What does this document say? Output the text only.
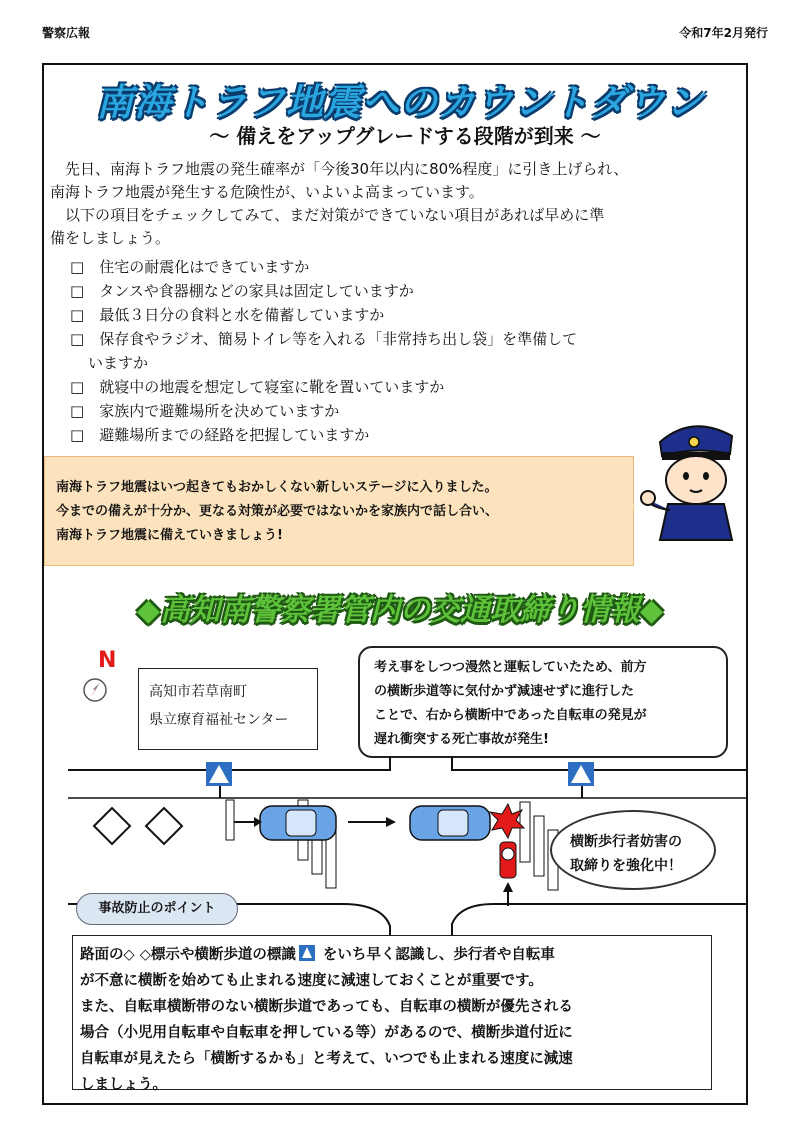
警察広報	令和7年2月発行
南海トラフ地震へのカウントダウン
～ 備えをアップグレードする段階が到来 ～
　先日、南海トラフ地震の発生確率が「今後30年以内に80%程度」に引き上げられ、
南海トラフ地震が発生する危険性が、いよいよ高まっています。
　以下の項目をチェックしてみて、まだ対策ができていない項目があれば早めに準
備をしましょう。
□　 住宅の耐震化はできていますか
□　 タンスや食器棚などの家具は固定していますか
□　 最低３日分の食料と水を備蓄していますか
□　 保存食やラジオ、簡易トイレ等を入れる「非常持ち出し袋」を準備して
いますか
□　 就寝中の地震を想定して寝室に靴を置いていますか
□　 家族内で避難場所を決めていますか
□　 避難場所までの経路を把握していますか
南海トラフ地震はいつ起きてもおかしくない新しいステージに入りました。
今までの備えが十分か、更なる対策が必要ではないかを家族内で話し合い、
南海トラフ地震に備えていきましょう!
◆高知南警察署管内の交通取締り情報◆
N
高知市若草南町
県立療育福祉センター
考え事をしつつ漫然と運転していたため、前方
の横断歩道等に気付かず減速せずに進行した
ことで、右から横断中であった自転車の発見が
遅れ衝突する死亡事故が発生!
横断歩行者妨害の
取締りを強化中！
事故防止のポイント
路面の◇ ◇標示や横断歩道の標識 をいち早く認識し、歩行者や自転車
が不意に横断を始めても止まれる速度に減速しておくことが重要です。
また、自転車横断帯のない横断歩道であっても、自転車の横断が優先される
場合（小児用自転車や自転車を押している等）があるので、横断歩道付近に
自転車が見えたら「横断するかも」と考えて、いつでも止まれる速度に減速
しましょう。
